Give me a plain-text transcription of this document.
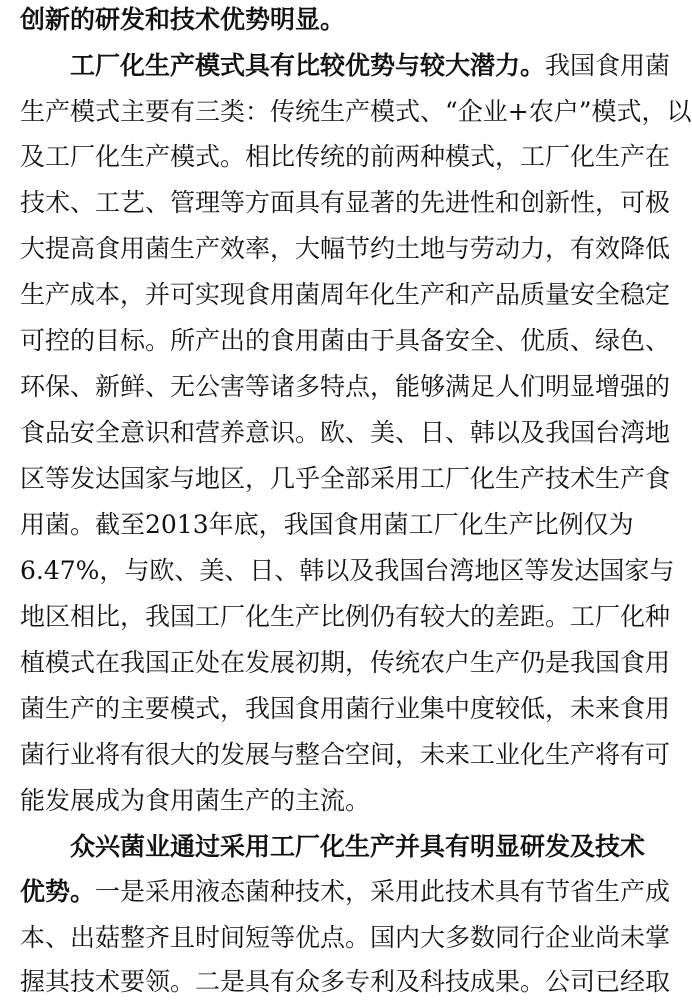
创新的研发和技术优势明显。
工厂化生产模式具有比较优势与较大潜力。我国食用菌
生产模式主要有三类：传统生产模式、“企业+农户”模式，以
及工厂化生产模式。相比传统的前两种模式，工厂化生产在
技术、工艺、管理等方面具有显著的先进性和创新性，可极
大提高食用菌生产效率，大幅节约土地与劳动力，有效降低
生产成本，并可实现食用菌周年化生产和产品质量安全稳定
可控的目标。所产出的食用菌由于具备安全、优质、绿色、
环保、新鲜、无公害等诸多特点，能够满足人们明显增强的
食品安全意识和营养意识。欧、美、日、韩以及我国台湾地
区等发达国家与地区，几乎全部采用工厂化生产技术生产食
用菌。截至2013年底，我国食用菌工厂化生产比例仅为
6.47%，与欧、美、日、韩以及我国台湾地区等发达国家与
地区相比，我国工厂化生产比例仍有较大的差距。工厂化种
植模式在我国正处在发展初期，传统农户生产仍是我国食用
菌生产的主要模式，我国食用菌行业集中度较低，未来食用
菌行业将有很大的发展与整合空间，未来工业化生产将有可
能发展成为食用菌生产的主流。
众兴菌业通过采用工厂化生产并具有明显研发及技术
优势。一是采用液态菌种技术，采用此技术具有节省生产成
本、出菇整齐且时间短等优点。国内大多数同行企业尚未掌
握其技术要领。二是具有众多专利及科技成果。公司已经取
